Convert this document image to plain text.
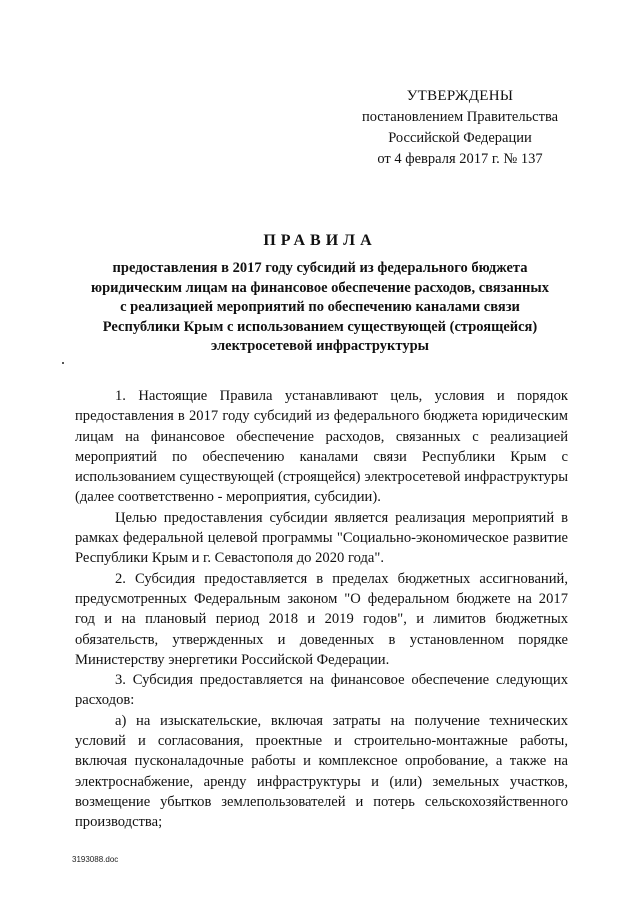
УТВЕРЖДЕНЫ
постановлением Правительства
Российской Федерации
от 4 февраля 2017 г. № 137
ПРАВИЛА
предоставления в 2017 году субсидий из федерального бюджета
юридическим лицам на финансовое обеспечение расходов, связанных
с реализацией мероприятий по обеспечению каналами связи
Республики Крым с использованием существующей (строящейся)
электросетевой инфраструктуры

1. Настоящие Правила устанавливают цель, условия и порядок предоставления в 2017 году субсидий из федерального бюджета юридическим лицам на финансовое обеспечение расходов, связанных с реализацией мероприятий по обеспечению каналами связи Республики Крым с использованием существующей (строящейся) электросетевой инфраструктуры (далее соответственно - мероприятия, субсидии).

Целью предоставления субсидии является реализация мероприятий в рамках федеральной целевой программы "Социально-экономическое развитие Республики Крым и г. Севастополя до 2020 года".

2. Субсидия предоставляется в пределах бюджетных ассигнований, предусмотренных Федеральным законом "О федеральном бюджете на 2017 год и на плановый период 2018 и 2019 годов", и лимитов бюджетных обязательств, утвержденных и доведенных в установленном порядке Министерству энергетики Российской Федерации.

3. Субсидия предоставляется на финансовое обеспечение следующих расходов:

а) на изыскательские, включая затраты на получение технических условий и согласования, проектные и строительно-монтажные работы, включая пусконаладочные работы и комплексное опробование, а также на электроснабжение, аренду инфраструктуры и (или) земельных участков, возмещение убытков землепользователей и потерь сельскохозяйственного производства;

3193088.doc
